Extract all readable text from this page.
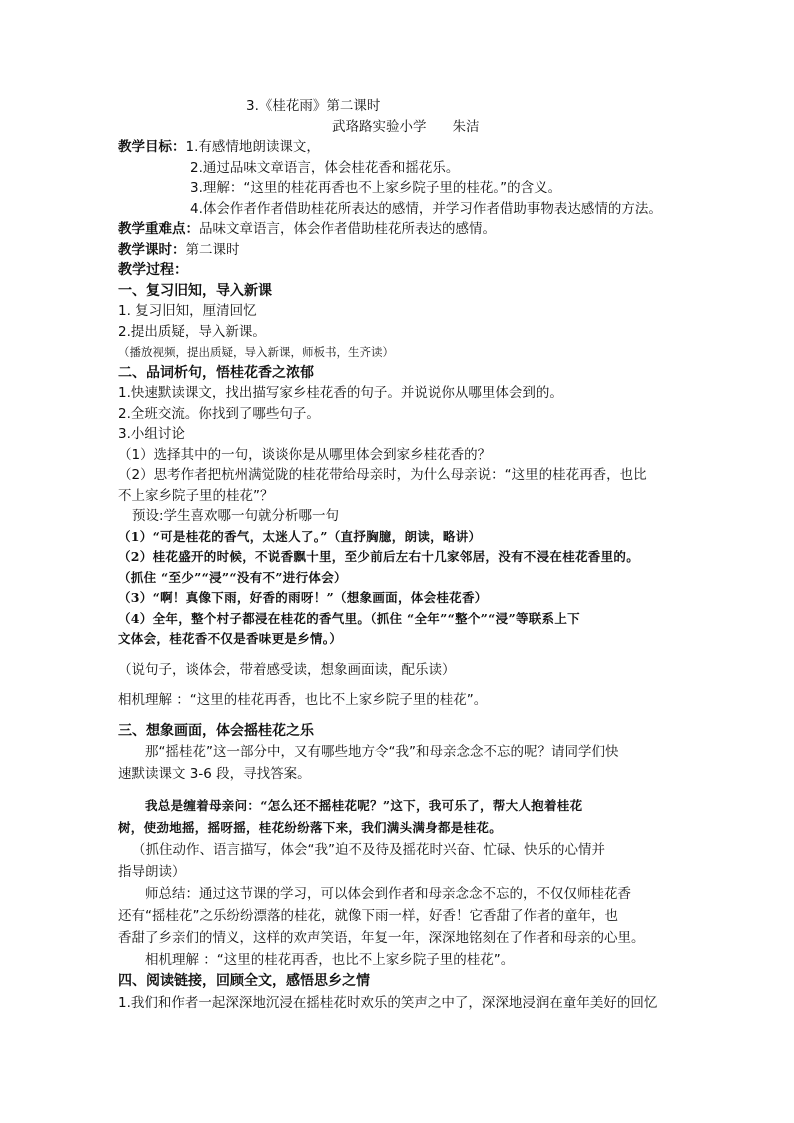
3.《桂花雨》第二课时
武珞路实验小学 朱洁
教学目标：1.有感情地朗读课文，
2.通过品味文章语言，体会桂花香和摇花乐。
3.理解：“这里的桂花再香也不上家乡院子里的桂花。”的含义。
4.体会作者作者借助桂花所表达的感情，并学习作者借助事物表达感情的方法。
教学重难点：品味文章语言，体会作者借助桂花所表达的感情。
教学课时：第二课时
教学过程：
一、复习旧知，导入新课
1. 复习旧知，厘清回忆
2.提出质疑，导入新课。
（播放视频，提出质疑，导入新课，师板书，生齐读）
二、品词析句，悟桂花香之浓郁
1.快速默读课文，找出描写家乡桂花香的句子。并说说你从哪里体会到的。
2.全班交流。你找到了哪些句子。
3.小组讨论
（1）选择其中的一句，谈谈你是从哪里体会到家乡桂花香的？
（2）思考作者把杭州满觉陇的桂花带给母亲时，为什么母亲说：“这里的桂花再香，也比
不上家乡院子里的桂花”？
预设:学生喜欢哪一句就分析哪一句
（1）“可是桂花的香气，太迷人了。”（直抒胸臆，朗读，略讲）
（2）桂花盛开的时候，不说香飘十里，至少前后左右十几家邻居，没有不浸在桂花香里的。
（抓住 “至少”“浸”“没有不”进行体会）
（3）“啊！真像下雨，好香的雨呀！”（想象画面，体会桂花香）
（4）全年，整个村子都浸在桂花的香气里。（抓住 “全年”“整个”“浸”等联系上下
文体会，桂花香不仅是香味更是乡情。）
（说句子，谈体会，带着感受读，想象画面读，配乐读）
相机理解 ：“这里的桂花再香，也比不上家乡院子里的桂花”。
三、想象画面，体会摇桂花之乐
那“摇桂花”这一部分中，又有哪些地方令“我”和母亲念念不忘的呢？请同学们快
速默读课文 3-6 段，寻找答案。
我总是缠着母亲问：“怎么还不摇桂花呢？”这下，我可乐了，帮大人抱着桂花
树，使劲地摇，摇呀摇，桂花纷纷落下来，我们满头满身都是桂花。
（抓住动作、语言描写，体会“我”迫不及待及摇花时兴奋、忙碌、快乐的心情并
指导朗读）
师总结：通过这节课的学习，可以体会到作者和母亲念念不忘的，不仅仅师桂花香
还有“摇桂花”之乐纷纷漂落的桂花，就像下雨一样，好香！它香甜了作者的童年，也
香甜了乡亲们的情义，这样的欢声笑语，年复一年，深深地铭刻在了作者和母亲的心里。
相机理解 ：“这里的桂花再香，也比不上家乡院子里的桂花”。
四、阅读链接，回顾全文，感悟思乡之情
1.我们和作者一起深深地沉浸在摇桂花时欢乐的笑声之中了，深深地浸润在童年美好的回忆
